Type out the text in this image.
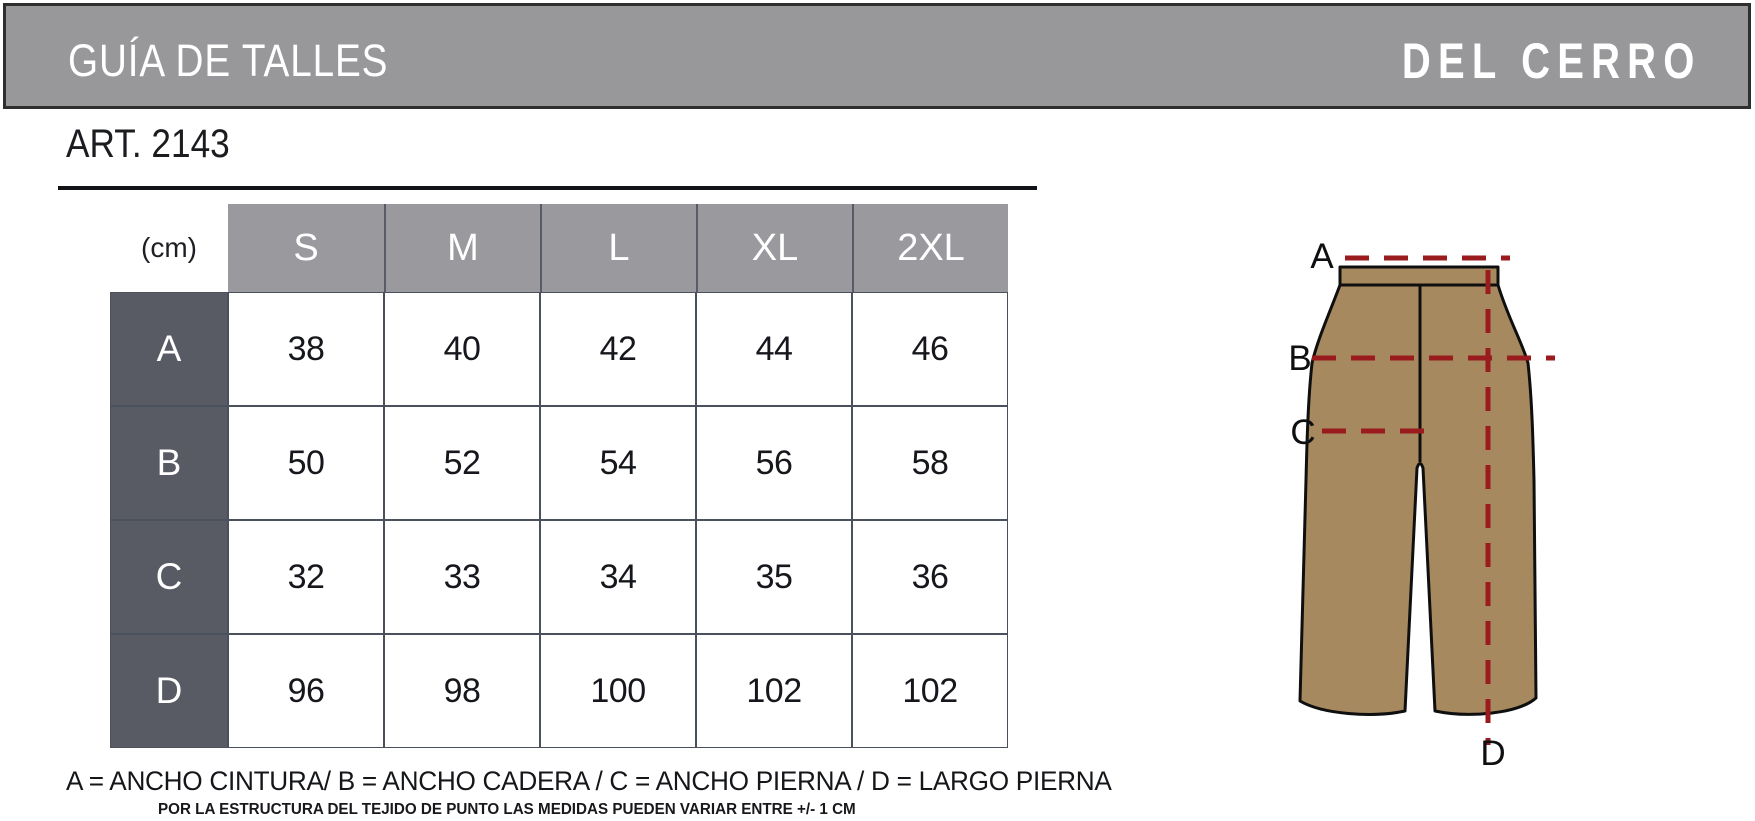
GUÍA DE TALLES	DEL CERRO
ART. 2143
(cm)	S	M	L	XL	2XL
A	38	40	42	44	46
B	50	52	54	56	58
C	32	33	34	35	36
D	96	98	100	102	102
A = ANCHO CINTURA/ B = ANCHO CADERA / C = ANCHO PIERNA / D = LARGO PIERNA
POR LA ESTRUCTURA DEL TEJIDO DE PUNTO LAS MEDIDAS PUEDEN VARIAR ENTRE +/- 1 CM
A
B
C
D
